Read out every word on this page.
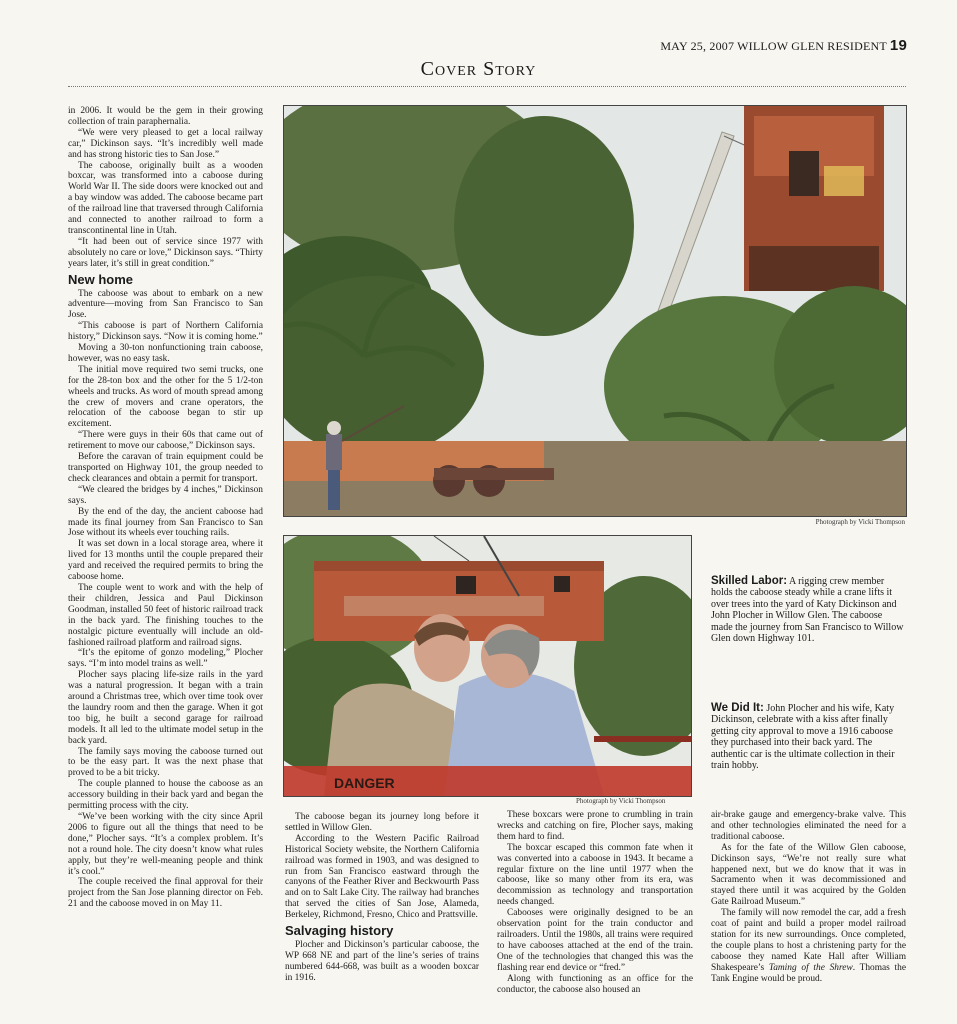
MAY 25, 2007 WILLOW GLEN RESIDENT 19
Cover Story

in 2006. It would be the gem in their growing collection of train paraphernalia.

“We were very pleased to get a local railway car,” Dickinson says. “It’s incredibly well made and has strong historic ties to San Jose.”

The caboose, originally built as a wooden boxcar, was transformed into a caboose during World War II. The side doors were knocked out and a bay window was added. The caboose became part of the railroad line that traversed through California and connected to another railroad to form a transcontinental line in Utah.

“It had been out of service since 1977 with absolutely no care or love,” Dickinson says. “Thirty years later, it’s still in great condition.”

New home

The caboose was about to embark on a new adventure—moving from San Francisco to San Jose.

“This caboose is part of Northern California history,” Dickinson says. “Now it is coming home.”

Moving a 30-ton nonfunctioning train caboose, however, was no easy task.

The initial move required two semi trucks, one for the 28-ton box and the other for the 5 1/2-ton wheels and trucks. As word of mouth spread among the crew of movers and crane operators, the relocation of the caboose began to stir up excitement.

“There were guys in their 60s that came out of retirement to move our caboose,” Dickinson says.

Before the caravan of train equipment could be transported on Highway 101, the group needed to check clearances and obtain a permit for transport.

“We cleared the bridges by 4 inches,” Dickinson says.

By the end of the day, the ancient caboose had made its final journey from San Francisco to San Jose without its wheels ever touching rails.

It was set down in a local storage area, where it lived for 13 months until the couple prepared their yard and received the required permits to bring the caboose home.

The couple went to work and with the help of their children, Jessica and Paul Dickinson Goodman, installed 50 feet of historic railroad track in the back yard. The finishing touches to the nostalgic picture eventually will include an old-fashioned railroad platform and railroad signs.

“It’s the epitome of gonzo modeling,” Plocher says. “I’m into model trains as well.”

Plocher says placing life-size rails in the yard was a natural progression. It began with a train around a Christmas tree, which over time took over the laundry room and then the garage. When it got too big, he built a second garage for railroad models. It all led to the ultimate model setup in the back yard.

The family says moving the caboose turned out to be the easy part. It was the next phase that proved to be a bit tricky.

The couple planned to house the caboose as an accessory building in their back yard and began the permitting process with the city.

“We’ve been working with the city since April 2006 to figure out all the things that need to be done,” Plocher says. “It’s a complex problem. It’s not a round hole. The city doesn’t know what rules apply, but they’re well-meaning people and think it’s cool.”

The couple received the final approval for their project from the San Jose planning director on Feb. 21 and the caboose moved in on May 11.

Photograph by Vicki Thompson
DANGER
Photograph by Vicki Thompson
Skilled Labor: A rigging crew member holds the caboose steady while a crane lifts it over trees into the yard of Katy Dickinson and John Plocher in Willow Glen. The caboose made the journey from San Francisco to Willow Glen down Highway 101.
We Did It: John Plocher and his wife, Katy Dickinson, celebrate with a kiss after finally getting city approval to move a 1916 caboose they purchased into their back yard. The authentic car is the ultimate collection in their train hobby.

The caboose began its journey long before it settled in Willow Glen.

According to the Western Pacific Railroad Historical Society website, the Northern California railroad was formed in 1903, and was designed to run from San Francisco eastward through the canyons of the Feather River and Beckwourth Pass and on to Salt Lake City. The railway had branches that served the cities of San Jose, Alameda, Berkeley, Richmond, Fresno, Chico and Prattsville.

Salvaging history

Plocher and Dickinson’s particular caboose, the WP 668 NE and part of the line’s series of trains numbered 644-668, was built as a wooden boxcar in 1916.

These boxcars were prone to crumbling in train wrecks and catching on fire, Plocher says, making them hard to find.

The boxcar escaped this common fate when it was converted into a caboose in 1943. It became a regular fixture on the line until 1977 when the caboose, like so many other from its era, was decommission as technology and transportation needs changed.

Cabooses were originally designed to be an observation point for the train conductor and railroaders. Until the 1980s, all trains were required to have cabooses attached at the end of the train. One of the technologies that changed this was the flashing rear end device or “fred.”

Along with functioning as an office for the conductor, the caboose also housed an

air-brake gauge and emergency-brake valve. This and other technologies eliminated the need for a traditional caboose.

As for the fate of the Willow Glen caboose, Dickinson says, “We’re not really sure what happened next, but we do know that it was in Sacramento when it was decommissioned and stayed there until it was acquired by the Golden Gate Railroad Museum.”

The family will now remodel the car, add a fresh coat of paint and build a proper model railroad station for its new surroundings. Once completed, the couple plans to host a christening party for the caboose they named Kate Hall after William Shakespeare’s Taming of the Shrew. Thomas the Tank Engine would be proud.
